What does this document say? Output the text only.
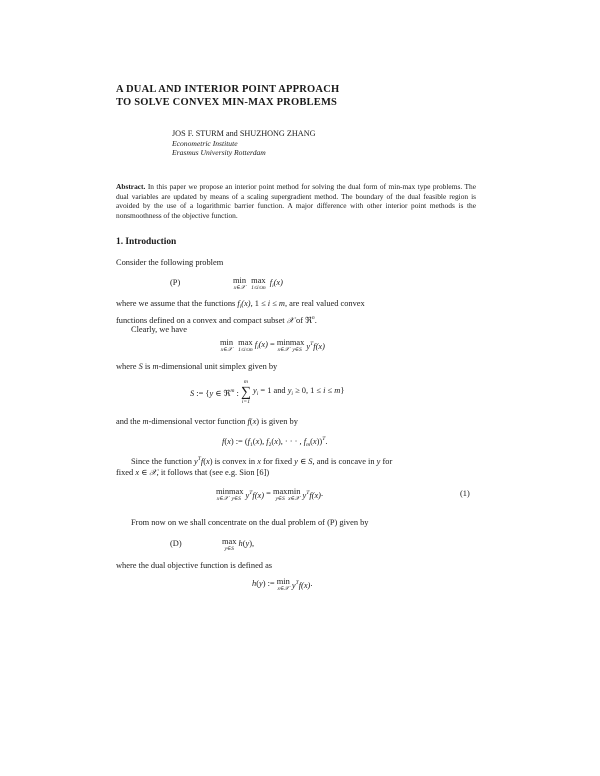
A DUAL AND INTERIOR POINT APPROACH
TO SOLVE CONVEX MIN-MAX PROBLEMS
JOS F. STURM and SHUZHONG ZHANG
Econometric Institute
Erasmus University Rotterdam
Abstract. In this paper we propose an interior point method for solving the dual form of min-max type problems. The dual variables are updated by means of a scaling supergradient method. The boundary of the dual feasible region is avoided by the use of a logarithmic barrier function. A major difference with other interior point methods is the nonsmoothness of the objective function.
1. Introduction
Consider the following problem
(P)	min
x∈𝒳

max
1≤i≤m
$f_i(x)$
where we assume that the functions $f_i(x)$, 1 ≤ i ≤ m, are real valued convex
functions defined on a convex and compact subset 𝒳 of ℜ$^n$.
Clearly, we have
min
x∈𝒳

max
1≤i≤m
$f_i(x) = \min$
x∈𝒳
max
y∈S $y^Tf(x)$
where S is m-dimensional unit simplex given by
S := {y ∈ ℜ$^m$ :
m
∑
i=1
$y_i = 1$ and $y_i \ge 0$, 1 ≤ i ≤ m}
and the m-dimensional vector function f(x) is given by
f(x) := ($f_1(x)$, $f_2(x)$, · · · , $f_m(x))^T$.
Since the function $y^Tf(x)$ is convex in x for fixed y ∈ S, and is concave in y for
fixed x ∈ 𝒳, it follows that (see e.g. Sion [6])
min
x∈𝒳
max
y∈S $y^Tf(x) = \max$
y∈S
min
x∈𝒳 $y^Tf(x)$.	(1)
From now on we shall concentrate on the dual problem of (P) given by
(D)	max
y∈S
h(y),
where the dual objective function is defined as
h(y) := min
x∈𝒳 $y^Tf(x)$.
